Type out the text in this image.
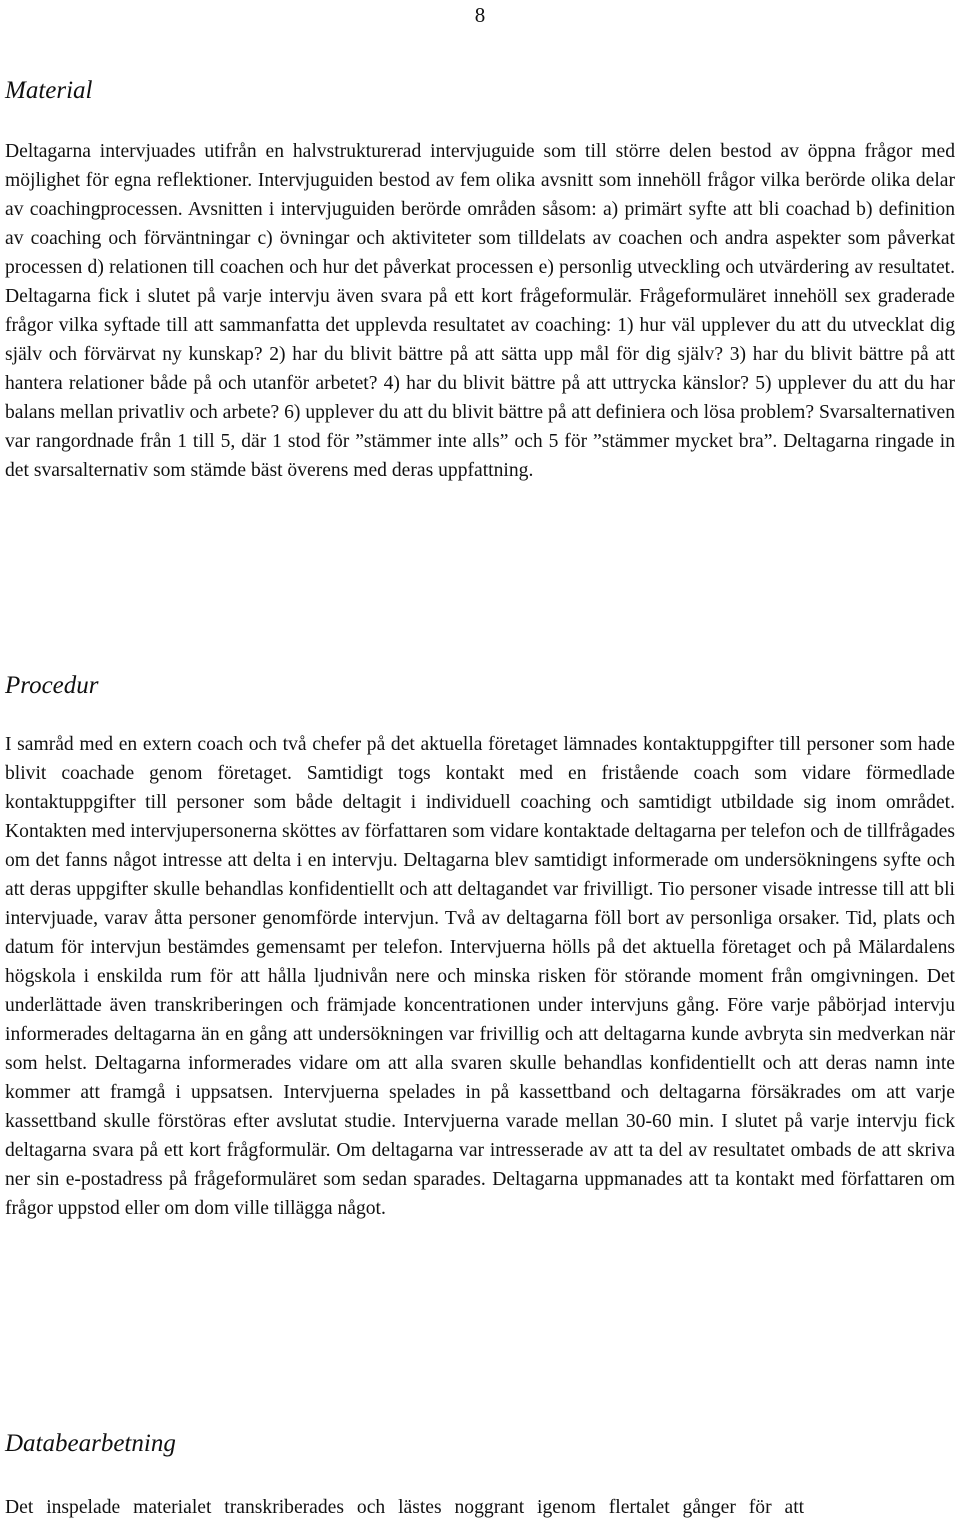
8
Material

Deltagarna intervjuades utifrån en halvstrukturerad intervjuguide som till större delen bestod av öppna frågor med möjlighet för egna reflektioner. Intervjuguiden bestod av fem olika avsnitt som innehöll frågor vilka berörde olika delar av coachingprocessen. Avsnitten i intervjuguiden berörde områden såsom: a) primärt syfte att bli coachad b) definition av coaching och förväntningar c) övningar och aktiviteter som tilldelats av coachen och andra aspekter som påverkat processen d) relationen till coachen och hur det påverkat processen e) personlig utveckling och utvärdering av resultatet. Deltagarna fick i slutet på varje intervju även svara på ett kort frågeformulär. Frågeformuläret innehöll sex graderade frågor vilka syftade till att sammanfatta det upplevda resultatet av coaching: 1) hur väl upplever du att du utvecklat dig själv och förvärvat ny kunskap? 2) har du blivit bättre på att sätta upp mål för dig själv? 3) har du blivit bättre på att hantera relationer både på och utanför arbetet? 4) har du blivit bättre på att uttrycka känslor? 5) upplever du att du har balans mellan privatliv och arbete? 6) upplever du att du blivit bättre på att definiera och lösa problem? Svarsalternativen var rangordnade från 1 till 5, där 1 stod för ”stämmer inte alls” och 5 för ”stämmer mycket bra”. Deltagarna ringade in det svarsalternativ som stämde bäst överens med deras uppfattning.

Procedur

I samråd med en extern coach och två chefer på det aktuella företaget lämnades kontaktuppgifter till personer som hade blivit coachade genom företaget. Samtidigt togs kontakt med en fristående coach som vidare förmedlade kontaktuppgifter till personer som både deltagit i individuell coaching och samtidigt utbildade sig inom området. Kontakten med intervjupersonerna sköttes av författaren som vidare kontaktade deltagarna per telefon och de tillfrågades om det fanns något intresse att delta i en intervju. Deltagarna blev samtidigt informerade om undersökningens syfte och att deras uppgifter skulle behandlas konfidentiellt och att deltagandet var frivilligt. Tio personer visade intresse till att bli intervjuade, varav åtta personer genomförde intervjun. Två av deltagarna föll bort av personliga orsaker. Tid, plats och datum för intervjun bestämdes gemensamt per telefon. Intervjuerna hölls på det aktuella företaget och på Mälardalens högskola i enskilda rum för att hålla ljudnivån nere och minska risken för störande moment från omgivningen. Det underlättade även transkriberingen och främjade koncentrationen under intervjuns gång. Före varje påbörjad intervju informerades deltagarna än en gång att undersökningen var frivillig och att deltagarna kunde avbryta sin medverkan när som helst. Deltagarna informerades vidare om att alla svaren skulle behandlas konfidentiellt och att deras namn inte kommer att framgå i uppsatsen. Intervjuerna spelades in på kassettband och deltagarna försäkrades om att varje kassettband skulle förstöras efter avslutat studie. Intervjuerna varade mellan 30-60 min. I slutet på varje intervju fick deltagarna svara på ett kort frågformulär. Om deltagarna var intresserade av att ta del av resultatet ombads de att skriva ner sin e-postadress på frågeformuläret som sedan sparades. Deltagarna uppmanades att ta kontakt med författaren om frågor uppstod eller om dom ville tillägga något.

Databearbetning

Det inspelade materialet transkriberades och lästes noggrant igenom flertalet gånger för att
